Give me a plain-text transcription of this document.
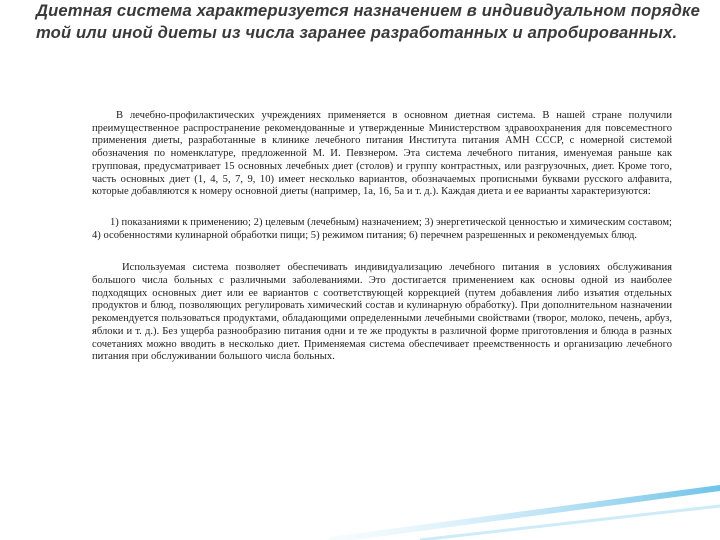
Диетная система характеризуется назначением в индивидуальном порядке той или иной диеты из числа заранее разработанных и апробированных.

В лечебно-профилактических учреждениях применяется в основном диетная система. В нашей стране получили преимущественное распространение рекомендованные и утвержденные Министерством здравоохранения для повсеместного применения диеты, разработанные в клинике лечебного питания Института питания АМН СССР, с номерной системой обозначения по номенклатуре, предложенной М. И. Певзнером. Эта система лечебного питания, именуемая раньше как групповая, предусматривает 15 основных лечебных диет (столов) и группу контрастных, или разгрузочных, диет. Кроме того, часть основных диет (1, 4, 5, 7, 9, 10) имеет несколько вариантов, обозначаемых прописными буквами русского алфавита, которые добавляются к номеру основной диеты (например, 1а, 16, 5а и т. д.). Каждая диета и ее варианты характеризуются:

1) показаниями к применению; 2) целевым (лечебным) назначением; 3) энергетической ценностью и химическим составом; 4) особенностями кулинарной обработки пищи; 5) режимом питания; 6) перечнем разрешенных и рекомендуемых блюд.

Используемая система позволяет обеспечивать индивидуализацию лечебного питания в условиях обслуживания большого числа больных с различными заболеваниями. Это достигается применением как основы одной из наиболее подходящих основных диет или ее вариантов с соответствующей коррекцией (путем добавления либо изъятия отдельных продуктов и блюд, позволяющих регулировать химический состав и кулинарную обработку). При дополнительном назначении рекомендуется пользоваться продуктами, обладающими определенными лечебными свойствами (творог, молоко, печень, арбуз, яблоки и т. д.). Без ущерба разнообразию питания одни и те же продукты в различной форме приготовления и блюда в разных сочетаниях можно вводить в несколько диет. Применяемая система обеспечивает преемственность и организацию лечебного питания при обслуживании большого числа больных.
